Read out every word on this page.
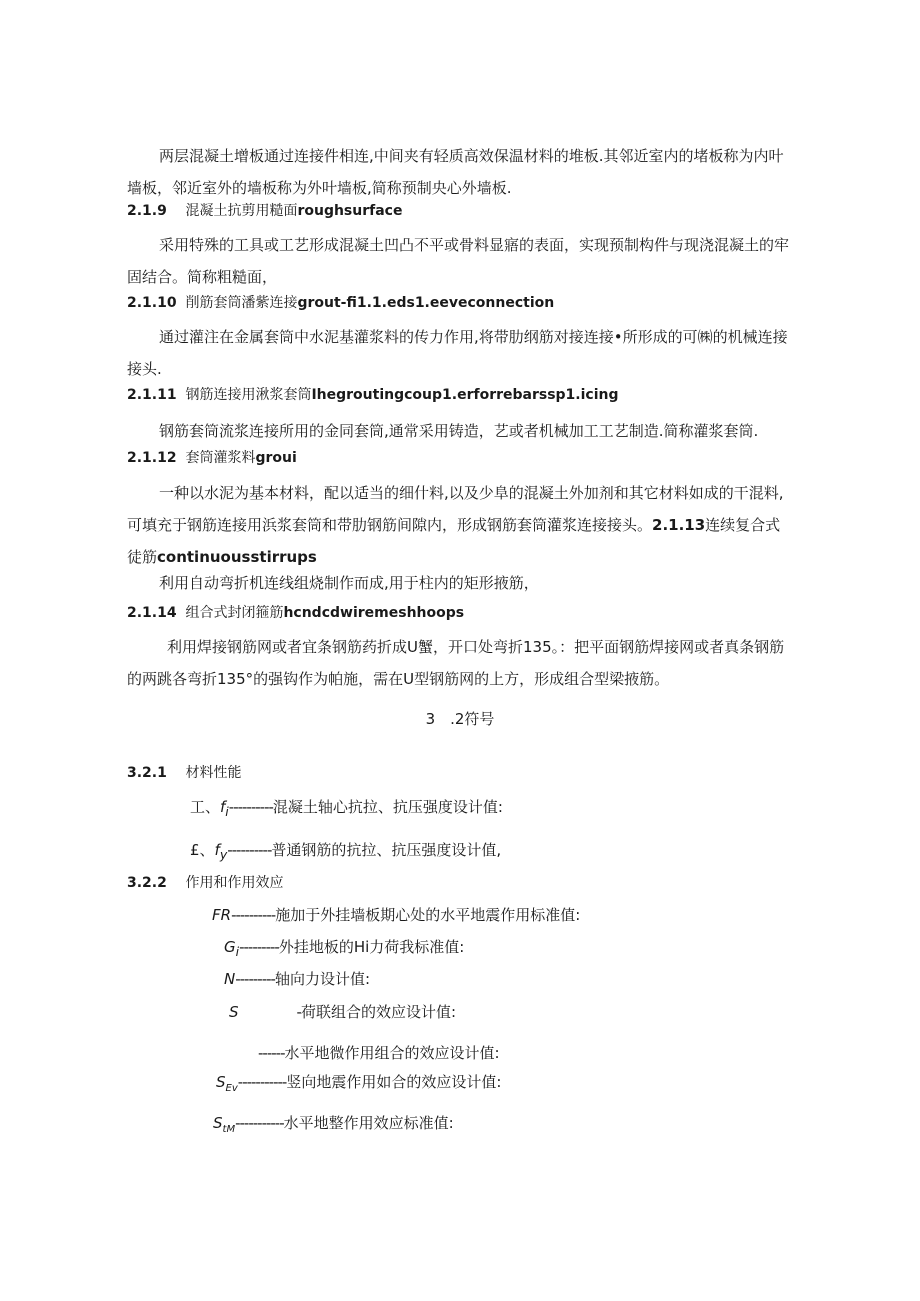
两层混凝土增板通过连接件相连,中间夹有轻质高效保温材料的堆板.其邻近室内的堵板称为内叶墙板，邻近室外的墙板称为外叶墙板,简称预制央心外墙板.

2.1.9 混凝土抗剪用糙面roughsurface

采用特殊的工具或工艺形成混凝土凹凸不平或骨料显寤的表面，实现预制构件与现浇混凝土的牢固结合。简称粗糙面，

2.1.10 削筋套筒潘紫连接grout-fi1.1.eds1.eeveconnection

通过灌注在金属套筒中水泥基灌浆料的传力作用,将带肋纲筋对接连接•所形成的可㈱的机械连接接头.

2.1.11 钢筋连接用湫浆套筒Ihegroutingcoup1.erforrebarssp1.icing

钢筋套筒流浆连接所用的金同套筒,通常采用铸造，艺或者机械加工工艺制造.简称灌浆套筒.

2.1.12 套筒灌浆料groui

一种以水泥为基本材料，配以适当的细什料,以及少阜的混凝土外加剂和其它材料如成的干混料,可填充于钢筋连接用浜浆套筒和带肋钢筋间隙内，形成钢筋套筒灌浆连接接头。2.1.13连续复合式徒筋continuousstirrups

利用自动弯折机连线组烧制作而成,用于柱内的矩形掖筋，

2.1.14 组合式封闭箍筋hcndcdwiremeshhoops

利用焊接钢筋网或者宜条钢筋药折成U蟹，开口处弯折135。：把平面钢筋焊接网或者真条钢筋的两跳各弯折135°的强钩作为帕施，需在U型钢筋网的上方，形成组合型梁掖筋。

3　.2符号

3.2.1 材料性能

工、$f_i----------$混凝土轴心抗拉、抗压强度设计值:

£、$f_y----------$普通钢筋的抗拉、抗压强度设计值,

3.2.2 作用和作用效应

FR----------施加于外挂墙板期心处的水平地震作用标准值:

$G_i---------$外挂地板的Hi力荷我标准值:

N---------轴向力设计值:

S	-荷联组合的效应设计值:

------水平地微作用组合的效应设计值:

$S_{Ev}-----------$竖向地震作用如合的效应设计值:

$S_{tM}-----------$水平地整作用效应标准值:
